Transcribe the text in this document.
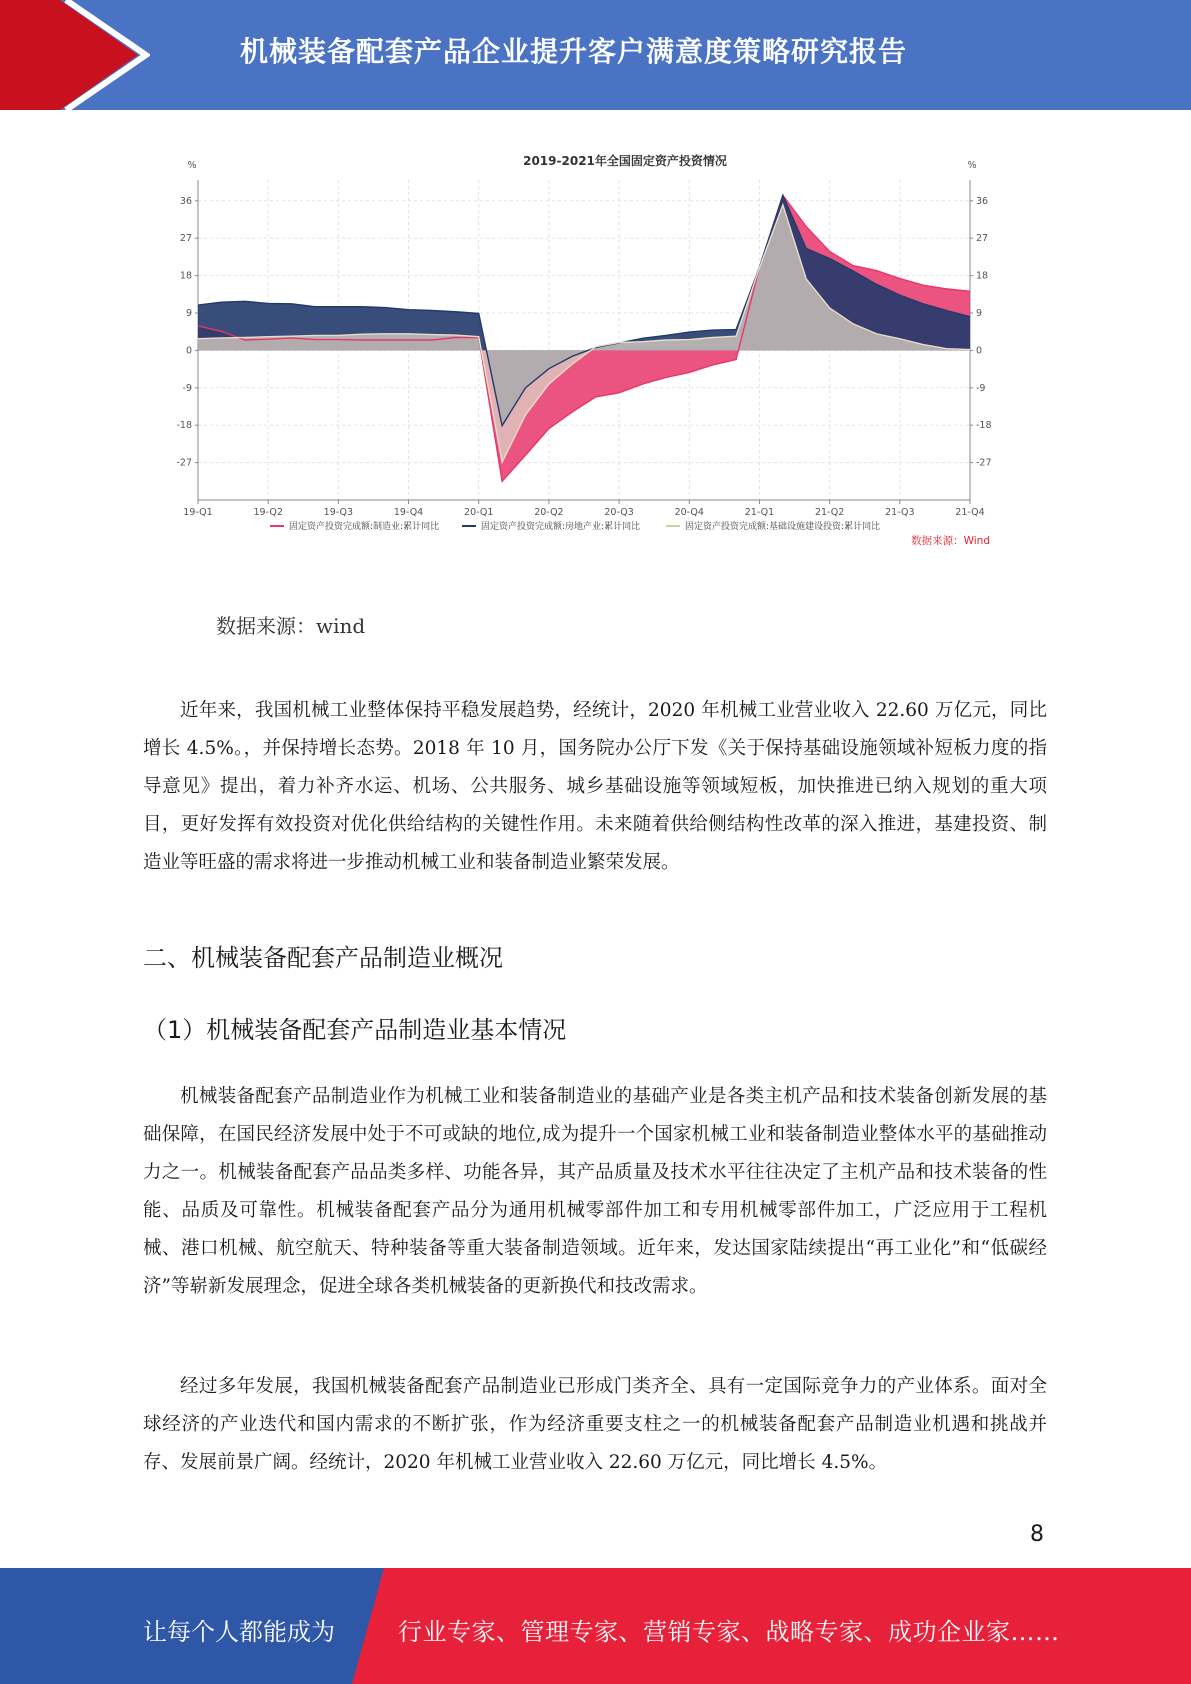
机械装备配套产品企业提升客户满意度策略研究报告
2019-2021年全国固定资产投资情况
36	36
27	27
18	18
9	9
0	0
-9	-9
-18	-18
-27	-27
%	%
19-Q1	19-Q2	19-Q3	19-Q4	20-Q1	20-Q2	20-Q3	20-Q4	21-Q1	21-Q2	21-Q3	21-Q4
固定资产投资完成额:制造业:累计同比	固定资产投资完成额:房地产业:累计同比	固定资产投资完成额:基础设施建设投资:累计同比
数据来源：Wind
数据来源：wind

近年来，我国机械工业整体保持平稳发展趋势，经统计，2020 年机械工业营业收入 22.60 万亿元，同比增长 4.5%。，并保持增长态势。2018 年 10 月，国务院办公厅下发《关于保持基础设施领域补短板力度的指导意见》提出，着力补齐水运、机场、公共服务、城乡基础设施等领域短板，加快推进已纳入规划的重大项目，更好发挥有效投资对优化供给结构的关键性作用。未来随着供给侧结构性改革的深入推进，基建投资、制造业等旺盛的需求将进一步推动机械工业和装备制造业繁荣发展。

二、机械装备配套产品制造业概况
（1）机械装备配套产品制造业基本情况

机械装备配套产品制造业作为机械工业和装备制造业的基础产业是各类主机产品和技术装备创新发展的基础保障，在国民经济发展中处于不可或缺的地位,成为提升一个国家机械工业和装备制造业整体水平的基础推动力之一。机械装备配套产品品类多样、功能各异，其产品质量及技术水平往往决定了主机产品和技术装备的性能、品质及可靠性。机械装备配套产品分为通用机械零部件加工和专用机械零部件加工，广泛应用于工程机械、港口机械、航空航天、特种装备等重大装备制造领域。近年来，发达国家陆续提出“再工业化”和“低碳经济”等崭新发展理念，促进全球各类机械装备的更新换代和技改需求。

经过多年发展，我国机械装备配套产品制造业已形成门类齐全、具有一定国际竞争力的产业体系。面对全球经济的产业迭代和国内需求的不断扩张，作为经济重要支柱之一的机械装备配套产品制造业机遇和挑战并存、发展前景广阔。经统计，2020 年机械工业营业收入 22.60 万亿元，同比增长 4.5%。

8
让每个人都能成为	行业专家、管理专家、营销专家、战略专家、成功企业家……
